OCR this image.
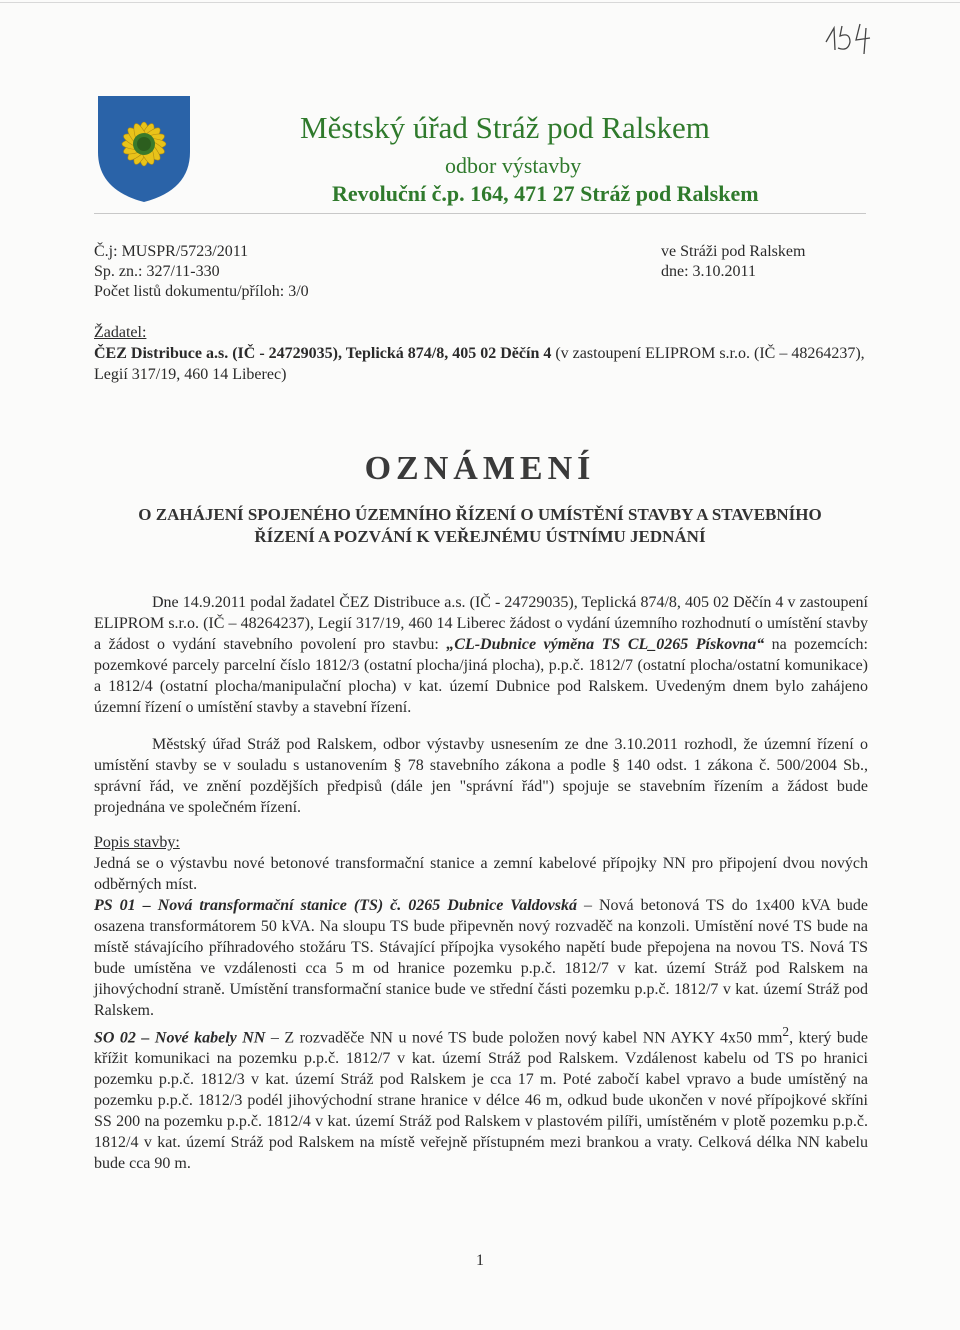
Městský úřad Stráž pod Ralskem
odbor výstavby
Revoluční č.p. 164, 471 27 Stráž pod Ralskem
Č.j: MUSPR/5723/2011
Sp. zn.: 327/11-330
Počet listů dokumentu/příloh: 3/0
ve Stráži pod Ralskem
dne: 3.10.2011
Žadatel:
ČEZ Distribuce a.s. (IČ - 24729035), Teplická 874/8, 405 02 Děčín 4 (v zastoupení ELIPROM s.r.o. (IČ – 48264237), Legií 317/19, 460 14 Liberec)
OZNÁMENÍ
O ZAHÁJENÍ SPOJENÉHO ÚZEMNÍHO ŘÍZENÍ O UMÍSTĚNÍ STAVBY A STAVEBNÍHO ŘÍZENÍ A POZVÁNÍ K VEŘEJNÉMU ÚSTNÍMU JEDNÁNÍ
Dne 14.9.2011 podal žadatel ČEZ Distribuce a.s. (IČ - 24729035), Teplická 874/8, 405 02 Děčín 4 v zastoupení ELIPROM s.r.o. (IČ – 48264237), Legií 317/19, 460 14 Liberec žádost o vydání územního rozhodnutí o umístění stavby a žádost o vydání stavebního povolení pro stavbu: „CL-Dubnice výměna TS CL_0265 Pískovna“ na pozemcích: pozemkové parcely parcelní číslo 1812/3 (ostatní plocha/jiná plocha), p.p.č. 1812/7 (ostatní plocha/ostatní komunikace) a 1812/4 (ostatní plocha/manipulační plocha) v kat. území Dubnice pod Ralskem. Uvedeným dnem bylo zahájeno územní řízení o umístění stavby a stavební řízení.
Městský úřad Stráž pod Ralskem, odbor výstavby usnesením ze dne 3.10.2011 rozhodl, že územní řízení o umístění stavby se v souladu s ustanovením § 78 stavebního zákona a podle § 140 odst. 1 zákona č. 500/2004 Sb., správní řád, ve znění pozdějších předpisů (dále jen "správní řád") spojuje se stavebním řízením a žádost bude projednána ve společném řízení.
Popis stavby:
Jedná se o výstavbu nové betonové transformační stanice a zemní kabelové přípojky NN pro připojení dvou nových odběrných míst.
PS 01 – Nová transformační stanice (TS) č. 0265 Dubnice Valdovská – Nová betonová TS do 1x400 kVA bude osazena transformátorem 50 kVA. Na sloupu TS bude připevněn nový rozvaděč na konzoli. Umístění nové TS bude na místě stávajícího příhradového stožáru TS. Stávající přípojka vysokého napětí bude přepojena na novou TS. Nová TS bude umístěna ve vzdálenosti cca 5 m od hranice pozemku p.p.č. 1812/7 v kat. území Stráž pod Ralskem na jihovýchodní straně. Umístění transformační stanice bude ve střední části pozemku p.p.č. 1812/7 v kat. území Stráž pod Ralskem.
SO 02 – Nové kabely NN – Z rozvaděče NN u nové TS bude položen nový kabel NN AYKY 4x50 $mm^2$, který bude křížit komunikaci na pozemku p.p.č. 1812/7 v kat. území Stráž pod Ralskem. Vzdálenost kabelu od TS po hranici pozemku p.p.č. 1812/3 v kat. území Stráž pod Ralskem je cca 17 m. Poté zabočí kabel vpravo a bude umístěný na pozemku p.p.č. 1812/3 podél jihovýchodní strane hranice v délce 46 m, odkud bude ukončen v nové přípojkové skříni SS 200 na pozemku p.p.č. 1812/4 v kat. území Stráž pod Ralskem v plastovém pilíři, umístěném v plotě pozemku p.p.č. 1812/4 v kat. území Stráž pod Ralskem na místě veřejně přístupném mezi brankou a vraty. Celková délka NN kabelu bude cca 90 m.
1
